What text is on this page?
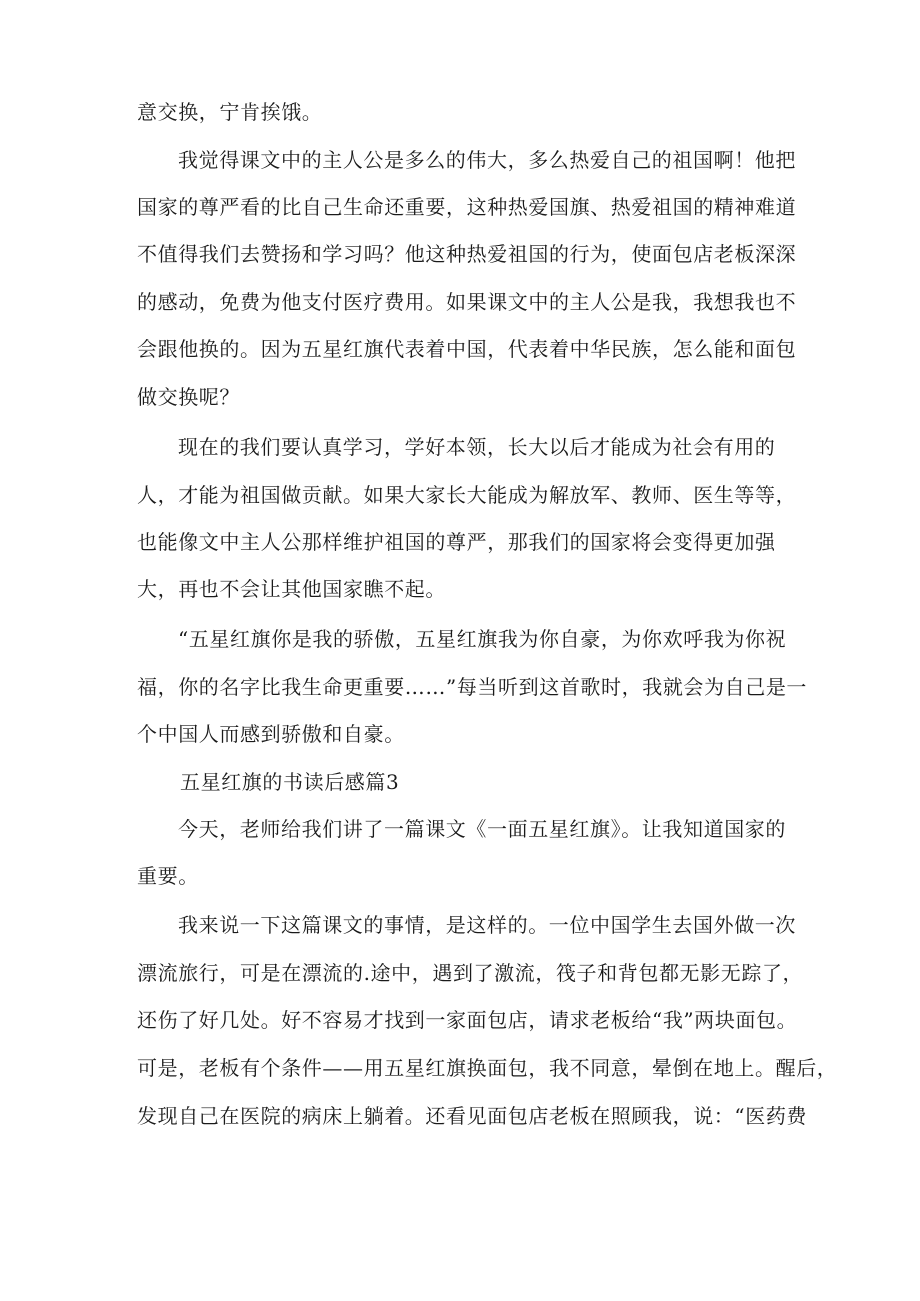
意交换，宁肯挨饿。
我觉得课文中的主人公是多么的伟大，多么热爱自己的祖国啊！他把
国家的尊严看的比自己生命还重要，这种热爱国旗、热爱祖国的精神难道
不值得我们去赞扬和学习吗？他这种热爱祖国的行为，使面包店老板深深
的感动，免费为他支付医疗费用。如果课文中的主人公是我，我想我也不
会跟他换的。因为五星红旗代表着中国，代表着中华民族，怎么能和面包
做交换呢？
现在的我们要认真学习，学好本领，长大以后才能成为社会有用的
人，才能为祖国做贡献。如果大家长大能成为解放军、教师、医生等等，
也能像文中主人公那样维护祖国的尊严，那我们的国家将会变得更加强
大，再也不会让其他国家瞧不起。
“五星红旗你是我的骄傲，五星红旗我为你自豪，为你欢呼我为你祝
福，你的名字比我生命更重要……”每当听到这首歌时，我就会为自己是一
个中国人而感到骄傲和自豪。
五星红旗的书读后感篇3
今天，老师给我们讲了一篇课文《一面五星红旗》。让我知道国家的
重要。
我来说一下这篇课文的事情，是这样的。一位中国学生去国外做一次
漂流旅行，可是在漂流的.途中，遇到了激流，筏子和背包都无影无踪了，
还伤了好几处。好不容易才找到一家面包店，请求老板给“我”两块面包。
可是，老板有个条件——用五星红旗换面包，我不同意，晕倒在地上。醒后，
发现自己在医院的病床上躺着。还看见面包店老板在照顾我，说：“医药费
